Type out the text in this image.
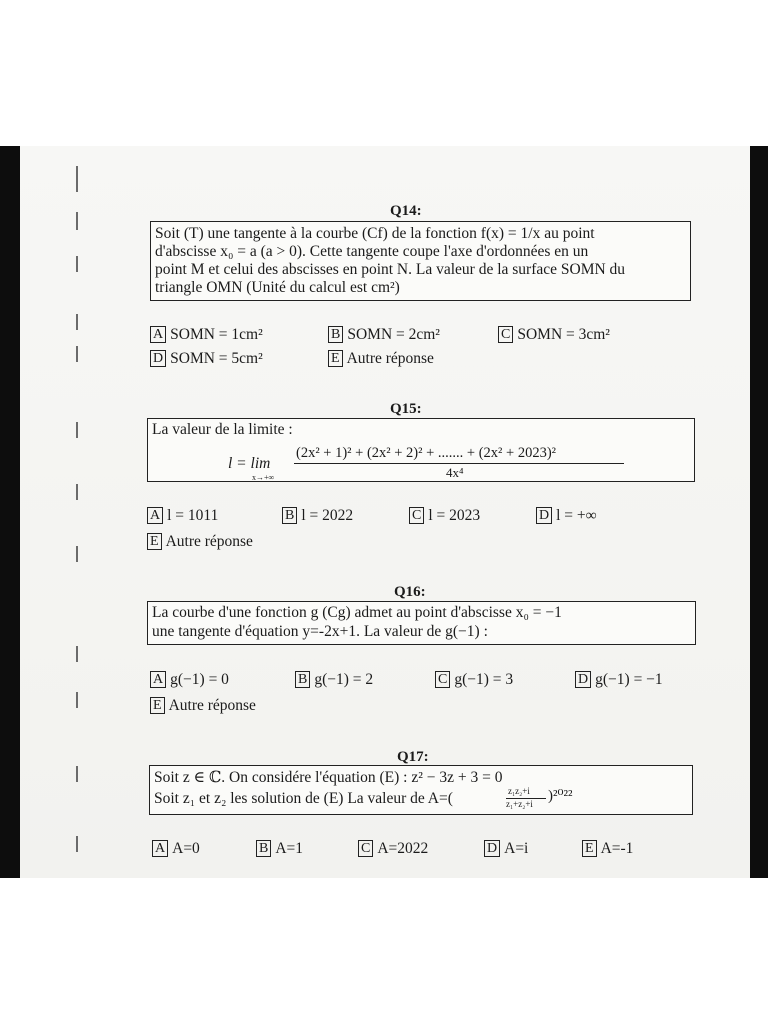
Q14:
Soit (T) une tangente à la courbe (Cf) de la fonction f(x) = 1/x au point
d'abscisse x₀ = a (a > 0). Cette tangente coupe l'axe d'ordonnées en un
point M et celui des abscisses en point N. La valeur de la surface SOMN du
triangle OMN (Unité du calcul est cm²)
A SOMN = 1cm²	B SOMN = 2cm²	C SOMN = 3cm²
D SOMN = 5cm²	E Autre réponse
Q15:
La valeur de la limite :
l = lim
x→+∞
(2x² + 1)² + (2x² + 2)² + ....... + (2x² + 2023)²
4x⁴
A l = 1011	B l = 2022	C l = 2023	D l = +∞
E Autre réponse
Q16:
La courbe d'une fonction g (Cg) admet au point d'abscisse x₀ = −1
une tangente d'équation y=-2x+1. La valeur de g(−1) :
A g(−1) = 0	B g(−1) = 2	C g(−1) = 3	D g(−1) = −1
E Autre réponse
Q17:
Soit z ∈ ℂ. On considére l'équation (E) : z² − 3z + 3 = 0
Soit z₁ et z₂ les solution de (E) La valeur de A=(	z₁z₂+i
z₁+z₂+i )²⁰²²
A A=0	B A=1	C A=2022	D A=i	E A=-1
